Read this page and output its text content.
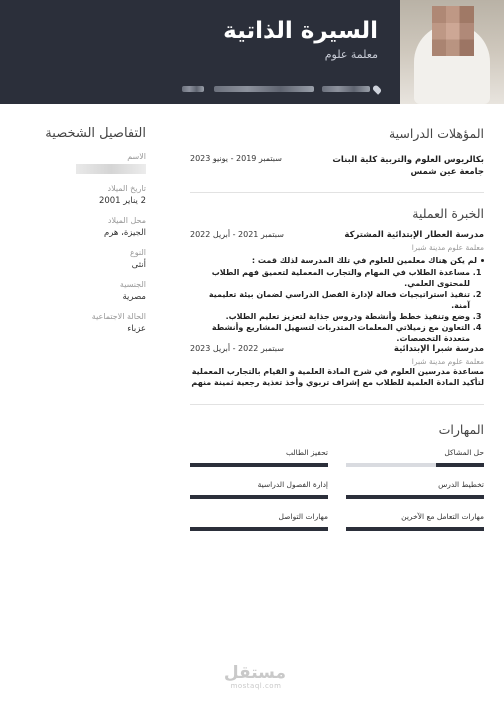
السيرة الذاتية
معلمة علوم
التفاصيل الشخصية
الاسم
تاريخ الميلاد
2 يناير 2001
محل الميلاد
الجيزة، هرم
النوع
أنثى
الجنسية
مصرية
الحالة الاجتماعية
عزباء
المؤهلات الدراسية
بكالريوس العلوم والتربية كلية البنات جامعة عين شمس
سبتمبر 2019 - يونيو 2023
الخبرة العملية
مدرسة العطار الإبتدائية المشتركة
سبتمبر 2021 - أبريل 2022
معلمة علوم مدينة شبرا
لم يكن هناك معلمين للعلوم في تلك المدرسة لذلك قمت :
1. مساعدة الطلاب في المهام والتجارب المعملية لتعميق فهم الطلاب للمحتوى العلمي.
2. تنفيذ استراتيجيات فعالة لإدارة الفصل الدراسي لضمان بيئة تعليمية آمنة.
3. وضع وتنفيذ خطط وأنشطة ودروس جذابة لتعزيز تعليم الطلاب.
4. التعاون مع زميلاتي المعلمات المتدربات لتسهيل المشاريع وأنشطة متعددة التخصصات.
مدرسة شبرا الإبتدائية
سبتمبر 2022 - أبريل 2023
معلمة علوم مدينة شبرا
مساعدة مدرسين العلوم في شرح المادة العلمية و القيام بالتجارب المعملية لتأكيد المادة العلمية للطلاب مع إشراف تربوي وأخذ تغذية رجعية ثمينة منهم
المهارات
حل المشاكل
تحفيز الطالب
تخطيط الدرس
إدارة الفصول الدراسية
مهارات التعامل مع الآخرين
مهارات التواصل
مستقل
mostaql.com
